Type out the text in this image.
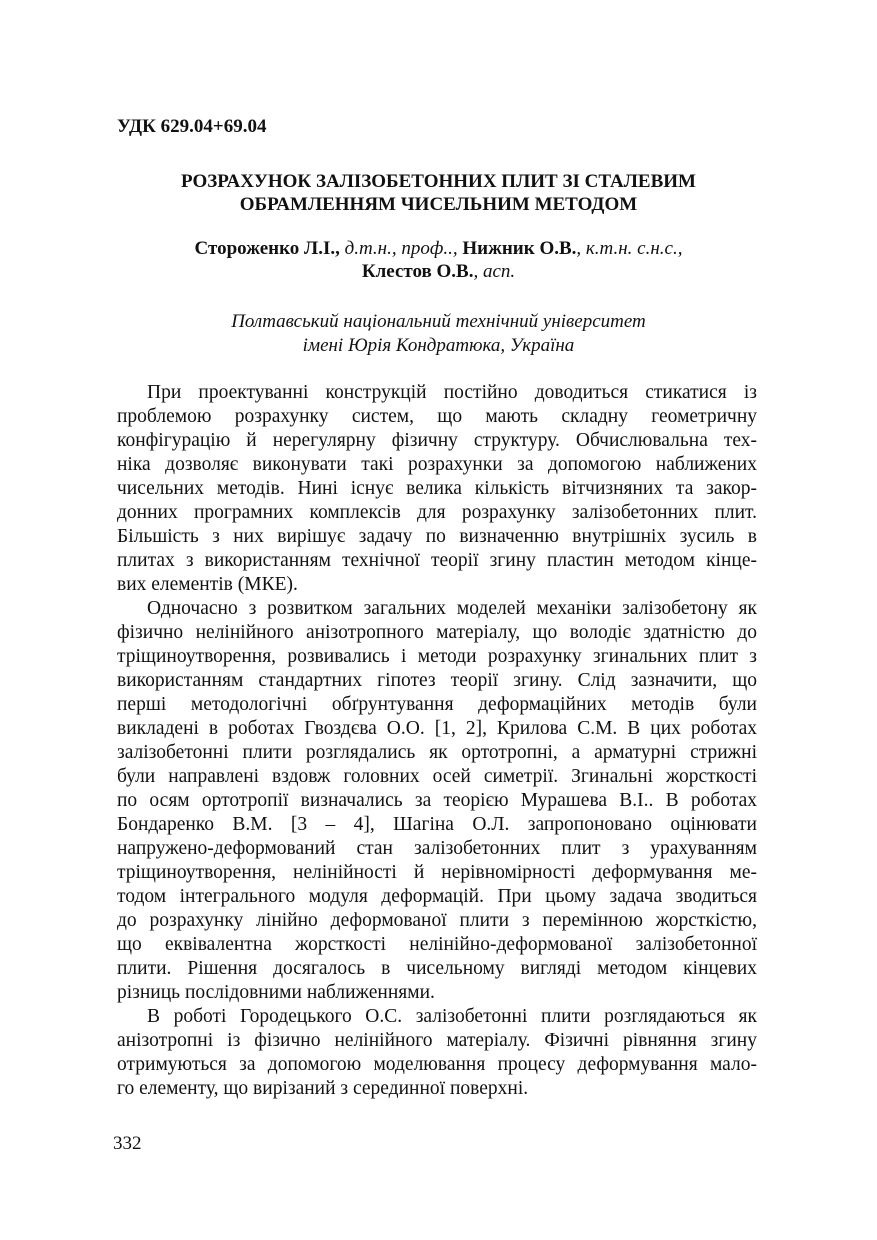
УДК 629.04+69.04
РОЗРАХУНОК ЗАЛІЗОБЕТОННИХ ПЛИТ ЗІ СТАЛЕВИМ
ОБРАМЛЕННЯМ ЧИСЕЛЬНИМ МЕТОДОМ
Стороженко Л.І., д.т.н., проф.., Нижник О.В., к.т.н. с.н.с.,
Клестов О.В., асп.
Полтавський національний технічний університет
імені Юрія Кондратюка, Україна
При проектуванні конструкцій постійно доводиться стикатися із
проблемою розрахунку систем, що мають складну геометричну
конфігурацію й нерегулярну фізичну структуру. Обчислювальна тех-
ніка дозволяє виконувати такі розрахунки за допомогою наближених
чисельних методів. Нині існує велика кількість вітчизняних та закор-
донних програмних комплексів для розрахунку залізобетонних плит.
Більшість з них вирішує задачу по визначенню внутрішніх зусиль в
плитах з використанням технічної теорії згину пластин методом кінце-
вих елементів (МКЕ).
Одночасно з розвитком загальних моделей механіки залізобетону як
фізично нелінійного анізотропного матеріалу, що володіє здатністю до
тріщиноутворення, розвивались і методи розрахунку згинальних плит з
використанням стандартних гіпотез теорії згину. Слід зазначити, що
перші методологічні обґрунтування деформаційних методів були
викладені в роботах Гвоздєва О.О. [1, 2], Крилова С.М. В цих роботах
залізобетонні плити розглядались як ортотропні, а арматурні стрижні
були направлені вздовж головних осей симетрії. Згинальні жорсткості
по осям ортотропії визначались за теорією Мурашева В.І.. В роботах
Бондаренко В.М. [3 – 4], Шагіна О.Л. запропоновано оцінювати
напружено-деформований стан залізобетонних плит з урахуванням
тріщиноутворення, нелінійності й нерівномірності деформування ме-
тодом інтегрального модуля деформацій. При цьому задача зводиться
до розрахунку лінійно деформованої плити з перемінною жорсткістю,
що еквівалентна жорсткості нелінійно-деформованої залізобетонної
плити. Рішення досягалось в чисельному вигляді методом кінцевих
різниць послідовними наближеннями.
В роботі Городецького О.С. залізобетонні плити розглядаються як
анізотропні із фізично нелінійного матеріалу. Фізичні рівняння згину
отримуються за допомогою моделювання процесу деформування мало-
го елементу, що вирізаний з серединної поверхні.
332
